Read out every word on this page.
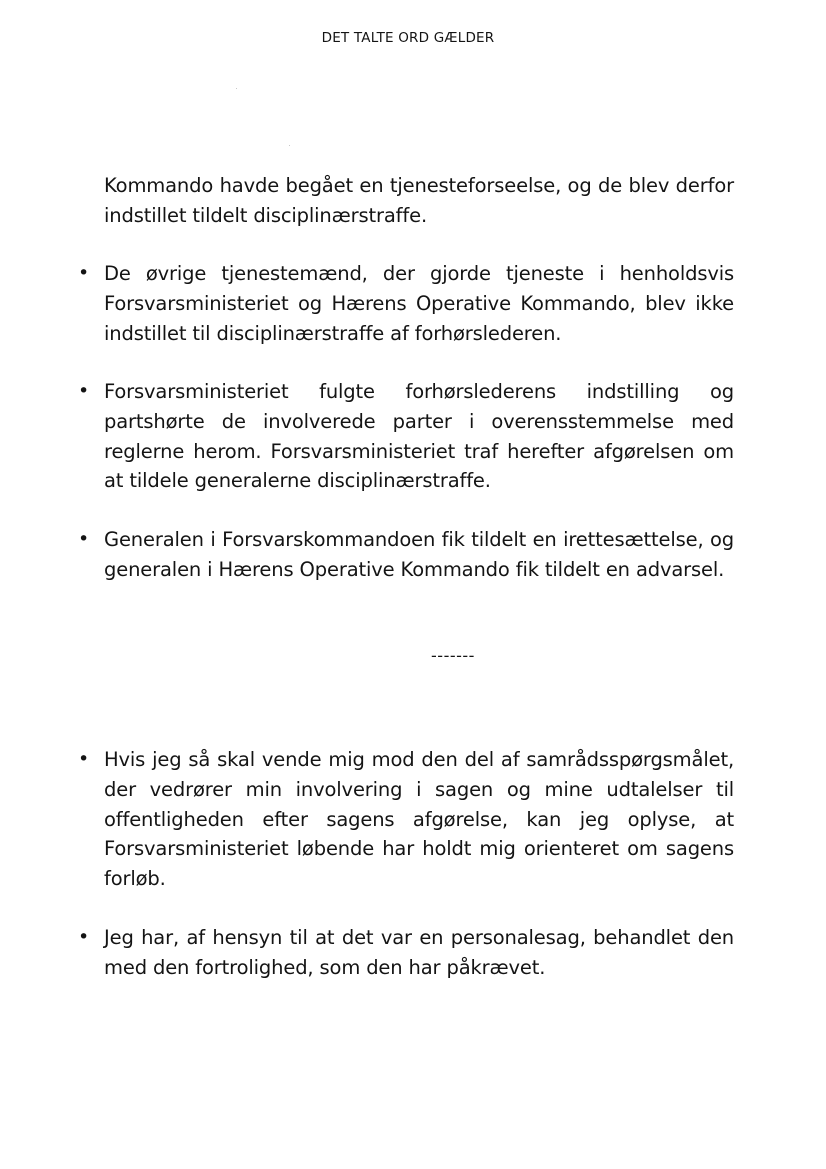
DET TALTE ORD GÆLDER
Kommando havde begået en tjenesteforseelse, og de blev derfor indstillet tildelt disciplinærstraffe.
• De øvrige tjenestemænd, der gjorde tjeneste i henholdsvis Forsvarsministeriet og Hærens Operative Kommando, blev ikke indstillet til disciplinærstraffe af forhørslederen.
• Forsvarsministeriet fulgte forhørslederens indstilling og partshørte de involverede parter i overensstemmelse med reglerne herom. Forsvarsministeriet traf herefter afgørelsen om at tildele generalerne disciplinærstraffe.
• Generalen i Forsvarskommandoen fik tildelt en irettesættelse, og generalen i Hærens Operative Kommando fik tildelt en advarsel.
-------
• Hvis jeg så skal vende mig mod den del af samrådsspørgsmålet, der vedrører min involvering i sagen og mine udtalelser til offentligheden efter sagens afgørelse, kan jeg oplyse, at Forsvarsministeriet løbende har holdt mig orienteret om sagens forløb.
• Jeg har, af hensyn til at det var en personalesag, behandlet den med den fortrolighed, som den har påkrævet.
